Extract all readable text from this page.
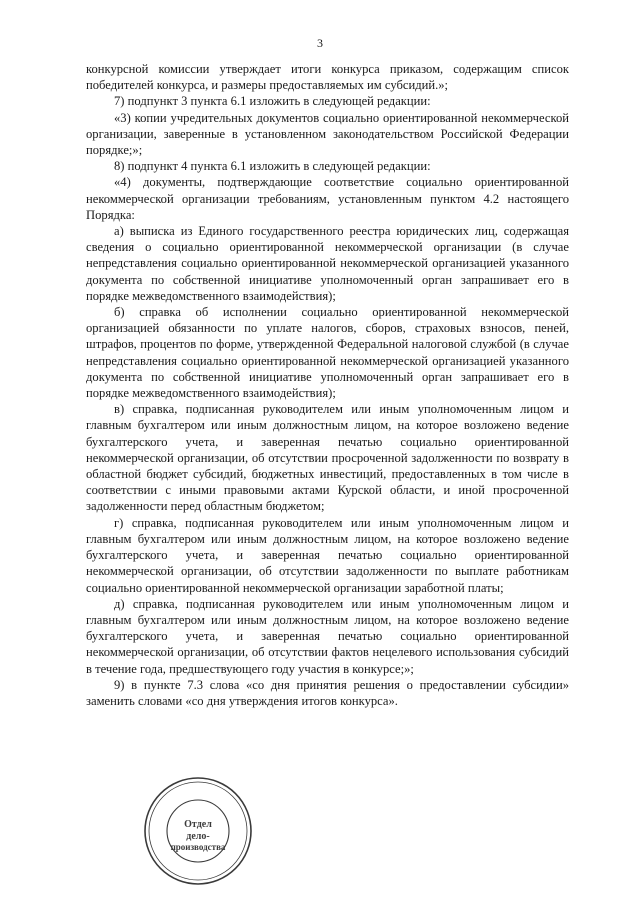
3

конкурсной комиссии утверждает итоги конкурса приказом, содержащим список победителей конкурса, и размеры предоставляемых им субсидий.»;

7) подпункт 3 пункта 6.1 изложить в следующей редакции:

«3) копии учредительных документов социально ориентированной некоммерческой организации, заверенные в установленном законодательством Российской Федерации порядке;»;

8) подпункт 4 пункта 6.1 изложить в следующей редакции:

«4) документы, подтверждающие соответствие социально ориентированной некоммерческой организации требованиям, установленным пунктом 4.2 настоящего Порядка:

а) выписка из Единого государственного реестра юридических лиц, содержащая сведения о социально ориентированной некоммерческой организации (в случае непредставления социально ориентированной некоммерческой организацией указанного документа по собственной инициативе уполномоченный орган запрашивает его в порядке межведомственного взаимодействия);

б) справка об исполнении социально ориентированной некоммерческой организацией обязанности по уплате налогов, сборов, страховых взносов, пеней, штрафов, процентов по форме, утвержденной Федеральной налоговой службой (в случае непредставления социально ориентированной некоммерческой организацией указанного документа по собственной инициативе уполномоченный орган запрашивает его в порядке межведомственного взаимодействия);

в) справка, подписанная руководителем или иным уполномоченным лицом и главным бухгалтером или иным должностным лицом, на которое возложено ведение бухгалтерского учета, и заверенная печатью социально ориентированной некоммерческой организации, об отсутствии просроченной задолженности по возврату в областной бюджет субсидий, бюджетных инвестиций, предоставленных в том числе в соответствии с иными правовыми актами Курской области, и иной просроченной задолженности перед областным бюджетом;

г) справка, подписанная руководителем или иным уполномоченным лицом и главным бухгалтером или иным должностным лицом, на которое возложено ведение бухгалтерского учета, и заверенная печатью социально ориентированной некоммерческой организации, об отсутствии задолженности по выплате работникам социально ориентированной некоммерческой организации заработной платы;

д) справка, подписанная руководителем или иным уполномоченным лицом и главным бухгалтером или иным должностным лицом, на которое возложено ведение бухгалтерского учета, и заверенная печатью социально ориентированной некоммерческой организации, об отсутствии фактов нецелевого использования субсидий в течение года, предшествующего году участия в конкурсе;»;

9) в пункте 7.3 слова «со дня принятия решения о предоставлении субсидии» заменить словами «со дня утверждения итогов конкурса».

Отдел
дело-
производства
